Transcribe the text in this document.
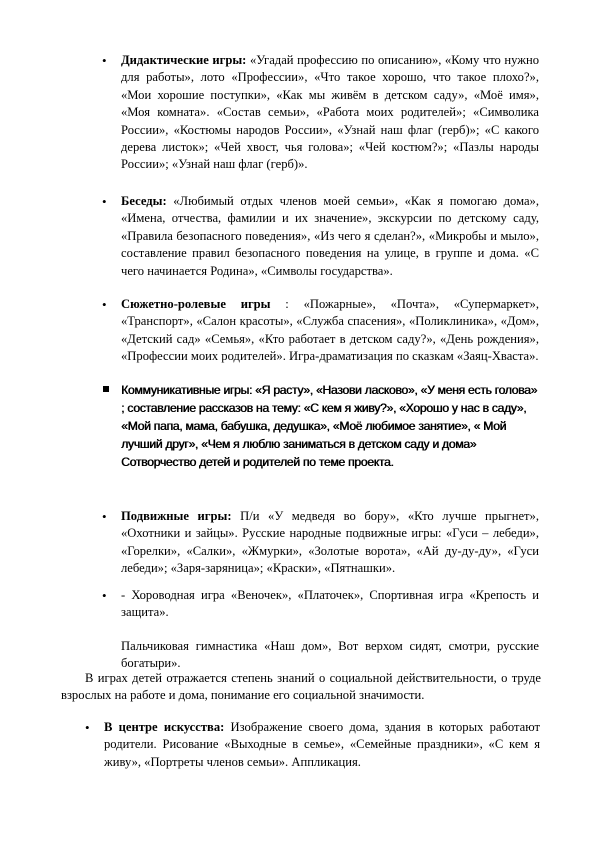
• Дидактические игры: «Угадай профессию по описанию», «Кому что нужно для работы», лото «Профессии», «Что такое хорошо, что такое плохо?», «Мои хорошие поступки», «Как мы живём в детском саду», «Моё имя», «Моя комната». «Состав семьи», «Работа моих родителей»; «Символика России», «Костюмы народов России», «Узнай наш флаг (герб)»; «С какого дерева листок»; «Чей хвост, чья голова»; «Чей костюм?»; «Пазлы народы России»; «Узнай наш флаг (герб)».
• Беседы: «Любимый отдых членов моей семьи», «Как я помогаю дома», «Имена, отчества, фамилии и их значение», экскурсии по детскому саду, «Правила безопасного поведения», «Из чего я сделан?», «Микробы и мыло», составление правил безопасного поведения на улице, в группе и дома. «С чего начинается Родина», «Символы государства».
• Сюжетно-ролевые игры : «Пожарные», «Почта», «Супермаркет», «Транспорт», «Салон красоты», «Служба спасения», «Поликлиника», «Дом», «Детский сад» «Семья», «Кто работает в детском саду?», «День рождения», «Профессии моих родителей». Игра-драматизация по сказкам «Заяц-Хваста».
Коммуникативные игры: «Я расту», «Назови ласково», «У меня есть голова» ; составление рассказов на тему: «С кем я живу?», «Хорошо у нас в саду», «Мой папа, мама, бабушка, дедушка», «Моё любимое занятие», « Мой лучший друг», «Чем я люблю заниматься в детском саду и дома» Сотворчество детей и родителей по теме проекта.
• Подвижные игры: П/и «У медведя во бору», «Кто лучше прыгнет», «Охотники и зайцы». Русские народные подвижные игры: «Гуси – лебеди», «Горелки», «Салки», «Жмурки», «Золотые ворота», «Ай ду-ду-ду», «Гуси лебеди»; «Заря-заряница»; «Краски», «Пятнашки».
• - Хороводная игра «Веночек», «Платочек», Спортивная игра «Крепость и защита».
Пальчиковая гимнастика «Наш дом», Вот верхом сидят, смотри, русские богатыри».
В играх детей отражается степень знаний о социальной действительности, о труде взрослых на работе и дома, понимание его социальной значимости.
• В центре искусства: Изображение своего дома, здания в которых работают родители. Рисование «Выходные в семье», «Семейные праздники», «С кем я живу», «Портреты членов семьи». Аппликация.
